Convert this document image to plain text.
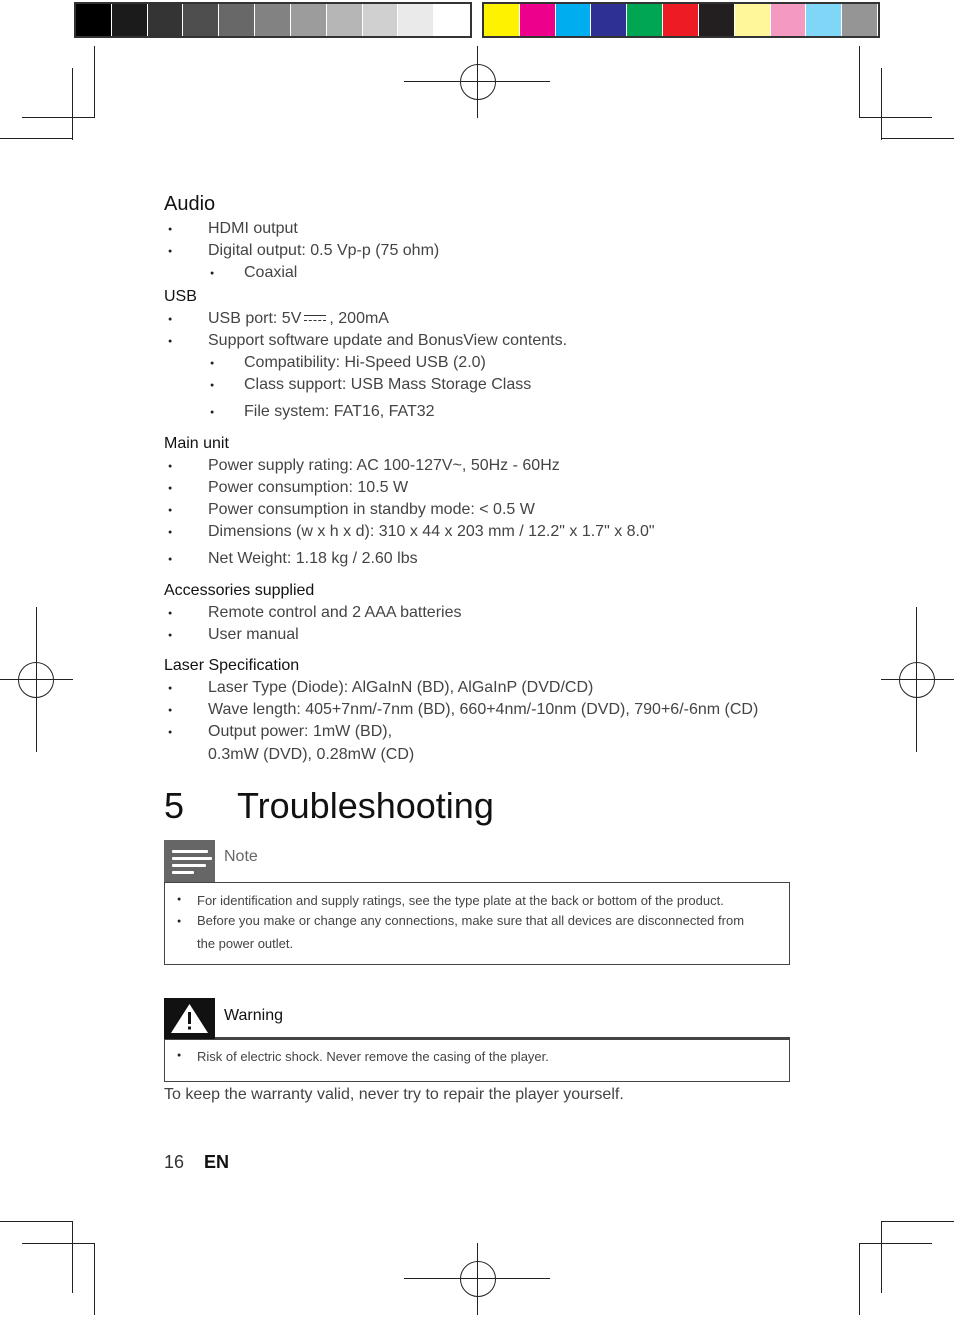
Audio
● HDMI output
● Digital output: 0.5 Vp-p (75 ohm)
● Coaxial
USB
● USB port: 5V , 200mA
● Support software update and BonusView contents.
● Compatibility: Hi-Speed USB (2.0)
● Class support: USB Mass Storage Class
● File system: FAT16, FAT32
Main unit
● Power supply rating: AC 100-127V~, 50Hz - 60Hz
● Power consumption: 10.5 W
● Power consumption in standby mode: < 0.5 W
● Dimensions (w x h x d): 310 x 44 x 203 mm / 12.2" x 1.7" x 8.0"
● Net Weight: 1.18 kg / 2.60 lbs
Accessories supplied
● Remote control and 2 AAA batteries
● User manual
Laser Specification
● Laser Type (Diode): AlGaInN (BD), AlGaInP (DVD/CD)
● Wave length: 405+7nm/-7nm (BD), 660+4nm/-10nm (DVD), 790+6/-6nm (CD)
● Output power: 1mW (BD),
0.3mW (DVD), 0.28mW (CD)
5 Troubleshooting
Note
● For identification and supply ratings, see the type plate at the back or bottom of the product.
● Before you make or change any connections, make sure that all devices are disconnected from
the power outlet.
Warning
● Risk of electric shock. Never remove the casing of the player.
To keep the warranty valid, never try to repair the player yourself.
16 EN
